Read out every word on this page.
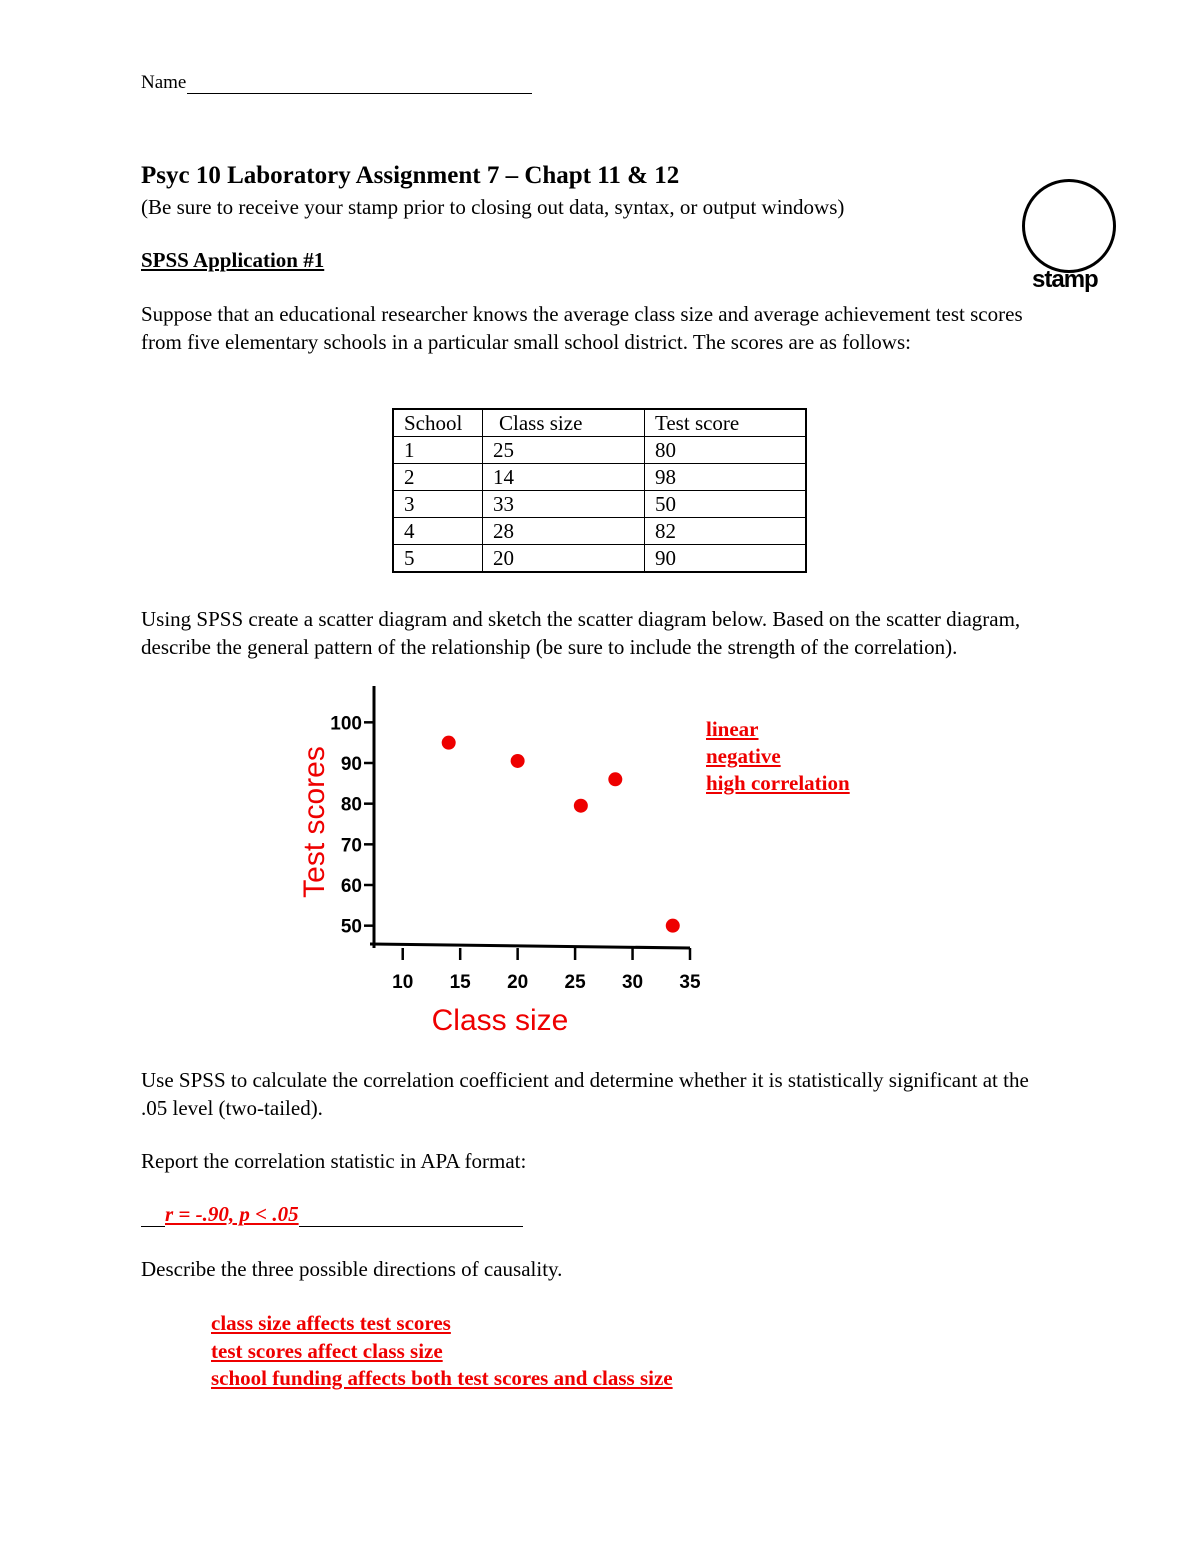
Name
Psyc 10 Laboratory Assignment 7 – Chapt 11 & 12
(Be sure to receive your stamp prior to closing out data, syntax, or output windows)
stamp
SPSS Application #1
Suppose that an educational researcher knows the average class size and average achievement test scores from five elementary schools in a particular small school district. The scores are as follows:
School	Class size	Test score
1	25	80
2	14	98
3	33	50
4	28	82
5	20	90
Using SPSS create a scatter diagram and sketch the scatter diagram below. Based on the scatter diagram, describe the general pattern of the relationship (be sure to include the strength of the correlation).
50
60
70
80
90
100
10 15 20 25 30 35
Class size
Test scores
linear
negative
high correlation
Use SPSS to calculate the correlation coefficient and determine whether it is statistically significant at the .05 level (two-tailed).
Report the correlation statistic in APA format:
r = -.90, p < .05
Describe the three possible directions of causality.
class size affects test scores
test scores affect class size
school funding affects both test scores and class size
